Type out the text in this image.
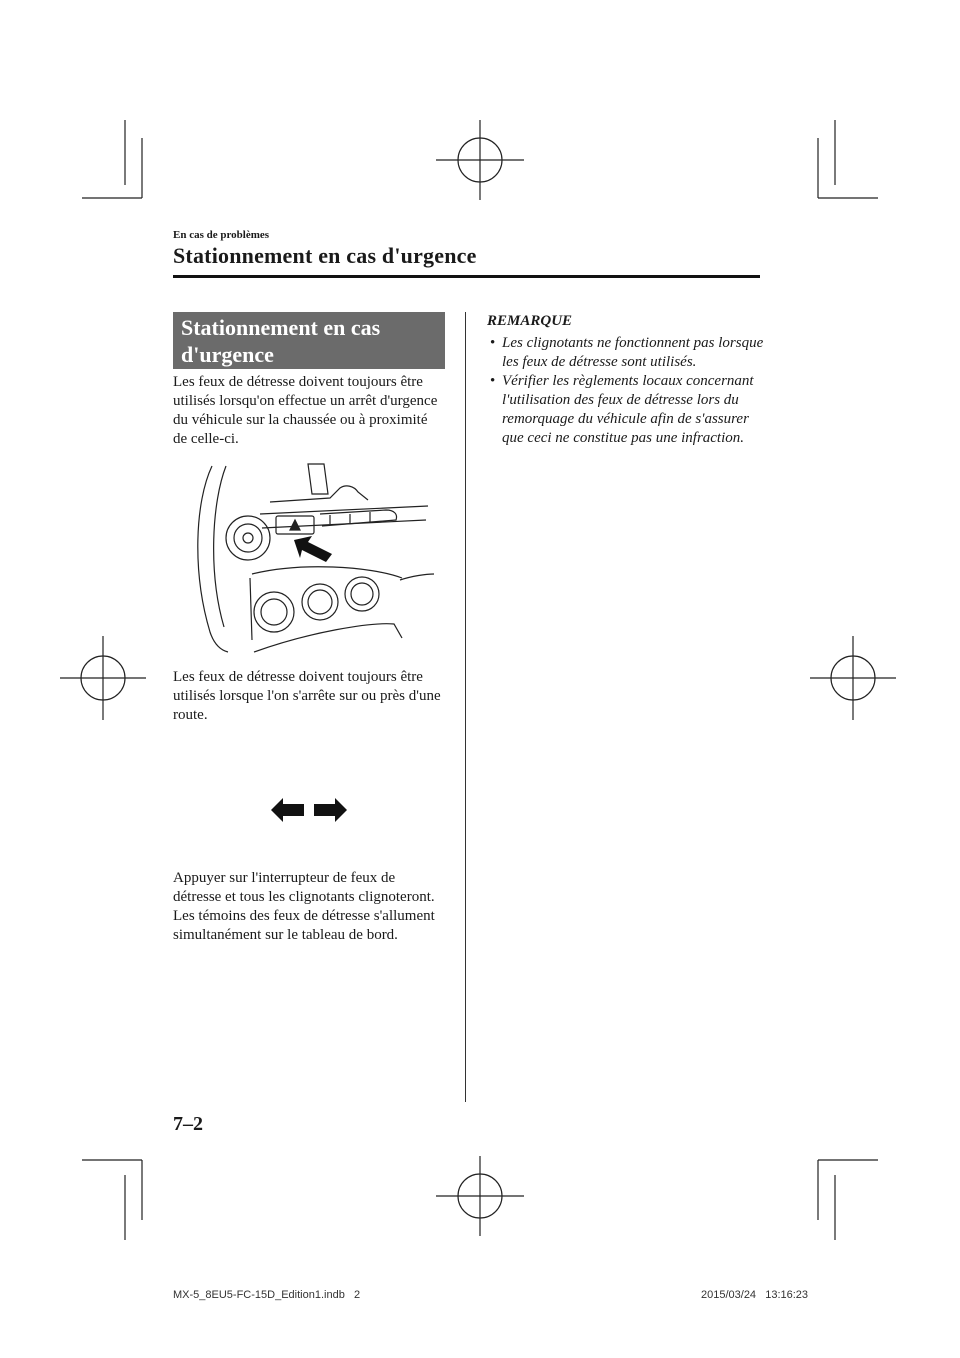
En cas de problèmes
Stationnement en cas d'urgence
Stationnement en cas
d'urgence
Les feux de détresse doivent toujours être utilisés lorsqu'on effectue un arrêt d'urgence du véhicule sur la chaussée ou à proximité de celle-ci.
Les feux de détresse doivent toujours être utilisés lorsque l'on s'arrête sur ou près d'une route.
Appuyer sur l'interrupteur de feux de détresse et tous les clignotants clignoteront. Les témoins des feux de détresse s'allument simultanément sur le tableau de bord.
REMARQUE
• Les clignotants ne fonctionnent pas lorsque les feux de détresse sont utilisés.
• Vérifier les règlements locaux concernant l'utilisation des feux de détresse lors du remorquage du véhicule afin de s'assurer que ceci ne constitue pas une infraction.
7–2
MX-5_8EU5-FC-15D_Edition1.indb   2	2015/03/24   13:16:23
